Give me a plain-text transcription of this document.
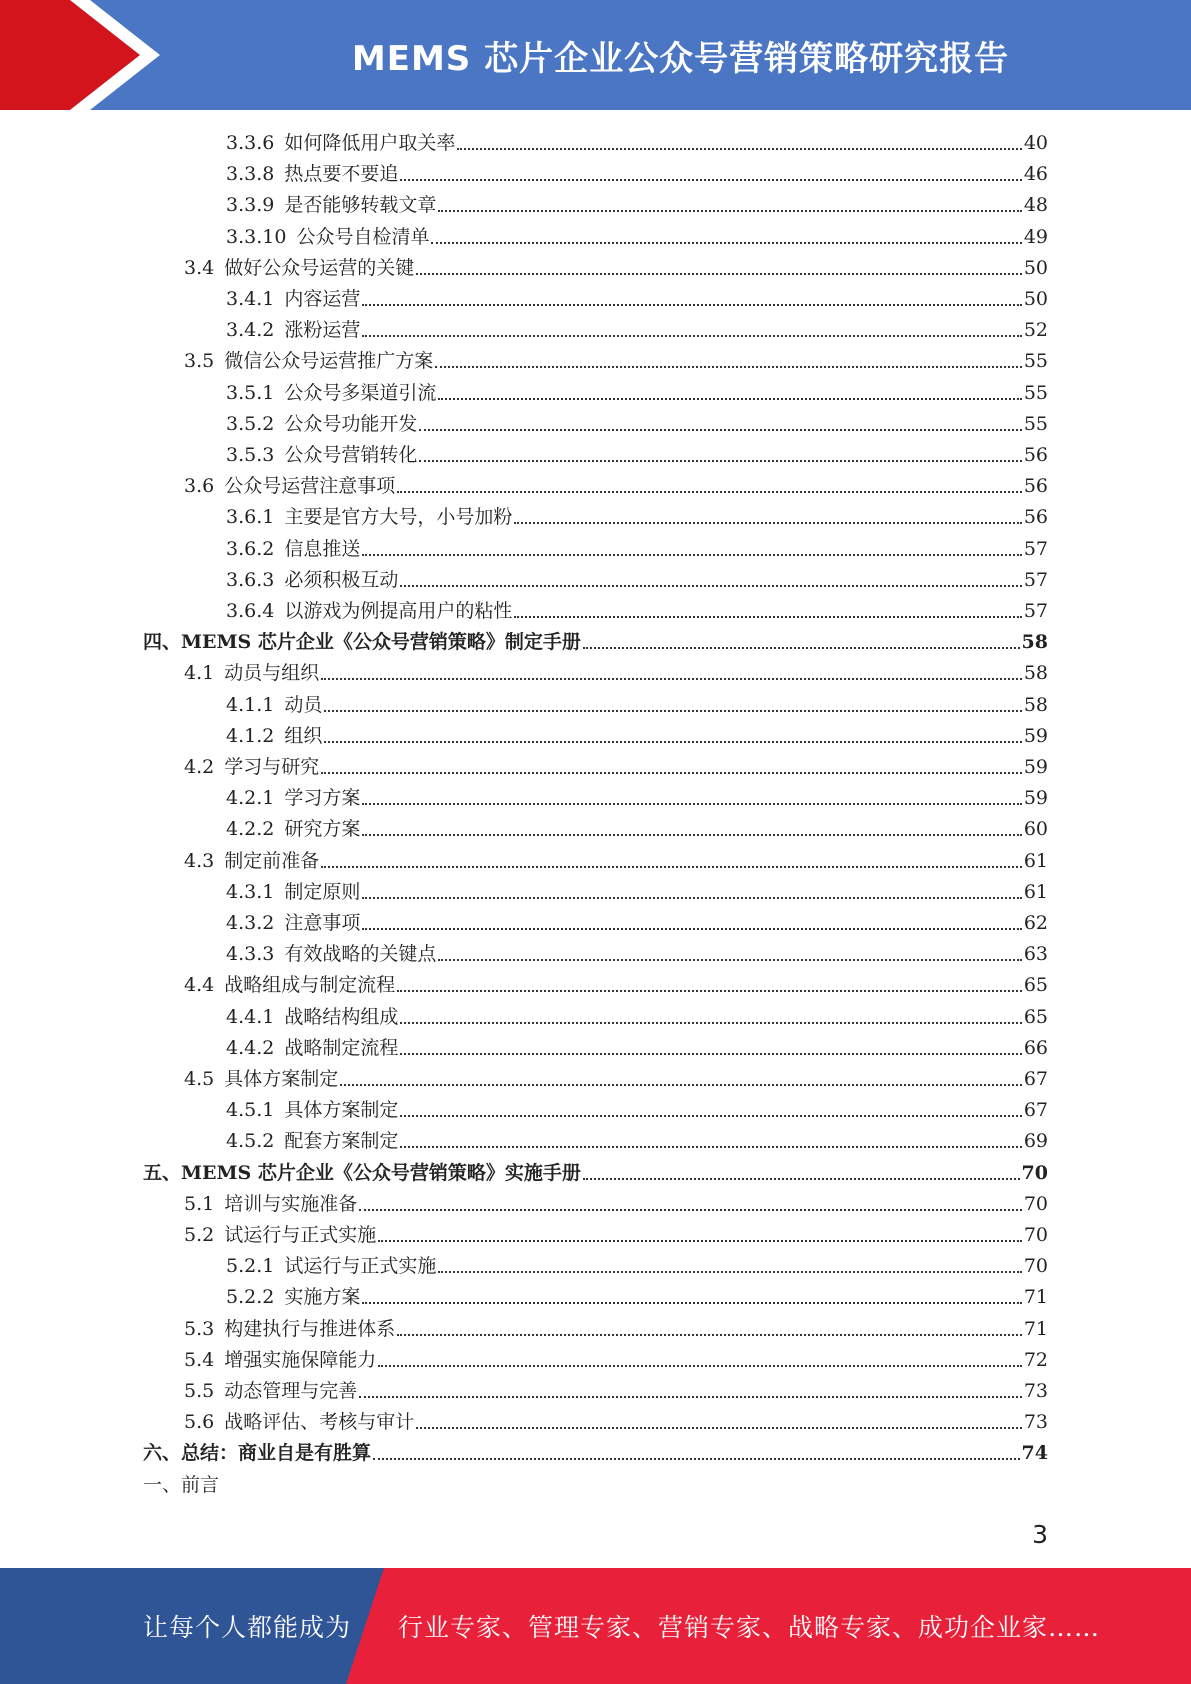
MEMS 芯片企业公众号营销策略研究报告
3.3.6 如何降低用户取关率	40
3.3.8 热点要不要追	46
3.3.9 是否能够转载文章	48
3.3.10 公众号自检清单	49
3.4 做好公众号运营的关键	50
3.4.1 内容运营	50
3.4.2 涨粉运营	52
3.5 微信公众号运营推广方案	55
3.5.1 公众号多渠道引流	55
3.5.2 公众号功能开发	55
3.5.3 公众号营销转化	56
3.6 公众号运营注意事项	56
3.6.1 主要是官方大号，小号加粉	56
3.6.2 信息推送	57
3.6.3 必须积极互动	57
3.6.4 以游戏为例提高用户的粘性	57
四、MEMS 芯片企业《公众号营销策略》制定手册	58
4.1 动员与组织	58
4.1.1 动员	58
4.1.2 组织	59
4.2 学习与研究	59
4.2.1 学习方案	59
4.2.2 研究方案	60
4.3 制定前准备	61
4.3.1 制定原则	61
4.3.2 注意事项	62
4.3.3 有效战略的关键点	63
4.4 战略组成与制定流程	65
4.4.1 战略结构组成	65
4.4.2 战略制定流程	66
4.5 具体方案制定	67
4.5.1 具体方案制定	67
4.5.2 配套方案制定	69
五、MEMS 芯片企业《公众号营销策略》实施手册	70
5.1 培训与实施准备	70
5.2 试运行与正式实施	70
5.2.1 试运行与正式实施	70
5.2.2 实施方案	71
5.3 构建执行与推进体系	71
5.4 增强实施保障能力	72
5.5 动态管理与完善	73
5.6 战略评估、考核与审计	73
六、总结：商业自是有胜算	74
一、前言
3
让每个人都能成为 行业专家、管理专家、营销专家、战略专家、成功企业家……
